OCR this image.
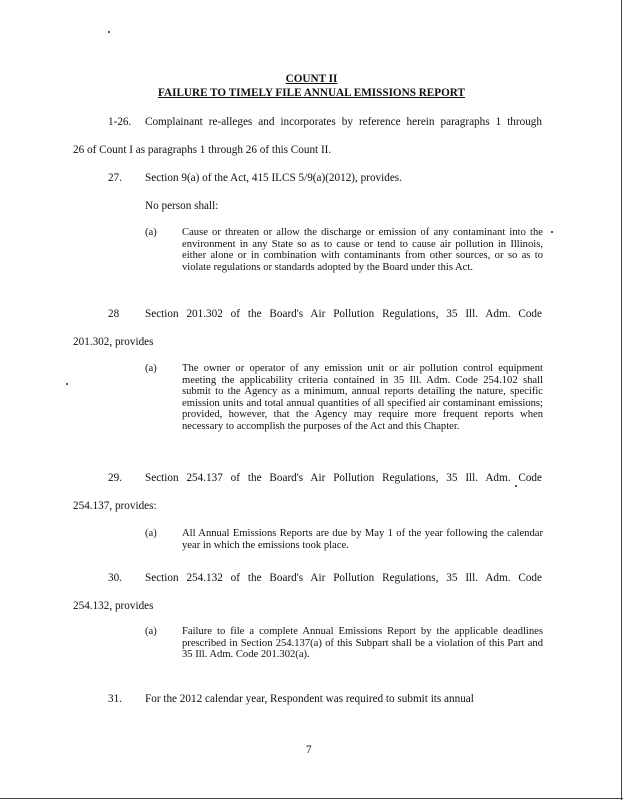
COUNT II
FAILURE TO TIMELY FILE ANNUAL EMISSIONS REPORT
1-26. Complainant re-alleges and incorporates by reference herein paragraphs 1 through
26 of Count I as paragraphs 1 through 26 of this Count II.
27. Section 9(a) of the Act, 415 ILCS 5/9(a)(2012), provides.
No person shall:
(a) Cause or threaten or allow the discharge or emission of any contaminant into the environment in any State so as to cause or tend to cause air pollution in Illinois, either alone or in combination with contaminants from other sources, or so as to violate regulations or standards adopted by the Board under this Act.
28 Section 201.302 of the Board's Air Pollution Regulations, 35 Ill. Adm. Code
201.302, provides
(a) The owner or operator of any emission unit or air pollution control equipment meeting the applicability criteria contained in 35 Ill. Adm. Code 254.102 shall submit to the Agency as a minimum, annual reports detailing the nature, specific emission units and total annual quantities of all specified air contaminant emissions; provided, however, that the Agency may require more frequent reports when necessary to accomplish the purposes of the Act and this Chapter.
29. Section 254.137 of the Board's Air Pollution Regulations, 35 Ill. Adm. Code
254.137, provides:
(a) All Annual Emissions Reports are due by May 1 of the year following the calendar year in which the emissions took place.
30. Section 254.132 of the Board's Air Pollution Regulations, 35 Ill. Adm. Code
254.132, provides
(a) Failure to file a complete Annual Emissions Report by the applicable deadlines prescribed in Section 254.137(a) of this Subpart shall be a violation of this Part and 35 Ill. Adm. Code 201.302(a).
31. For the 2012 calendar year, Respondent was required to submit its annual
7
